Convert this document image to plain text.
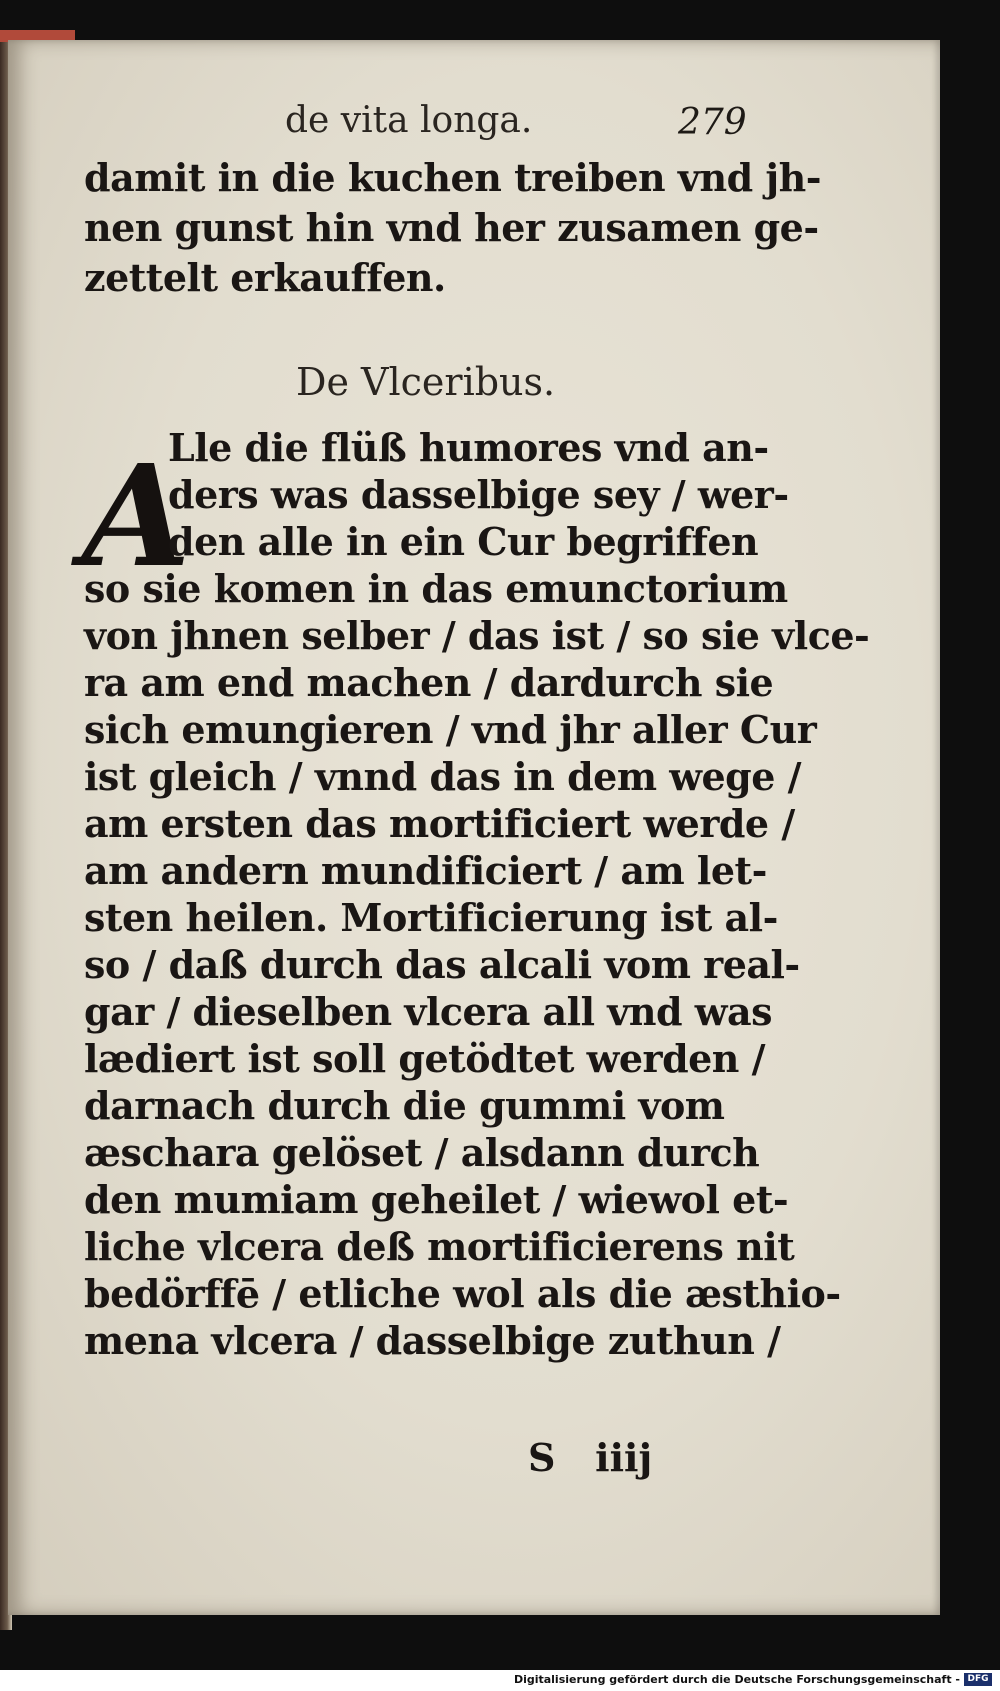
de vita longa.	279
damit in die kuchen treiben vnd jh-
nen gunst hin vnd her zusamen ge-
zettelt erkauffen.
De Vlceribus.
A
Lle die flüß humores vnd an-
ders was dasselbige sey / wer-
den alle in ein Cur begriffen
so sie komen in das emunctorium
von jhnen selber / das ist / so sie vlce-
ra am end machen / dardurch sie
sich emungieren / vnd jhr aller Cur
ist gleich / vnnd das in dem wege /
am ersten das mortificiert werde /
am andern mundificiert / am let-
sten heilen. Mortificierung ist al-
so / daß durch das alcali vom real-
gar / dieselben vlcera all vnd was
lædiert ist soll getödtet werden /
darnach durch die gummi vom
æschara gelöset / alsdann durch
den mumiam geheilet / wiewol et-
liche vlcera deß mortificierens nit
bedörffē / etliche wol als die æsthio-
mena vlcera / dasselbige zuthun /
S   iiij
Digitalisierung gefördert durch die Deutsche Forschungsgemeinschaft - DFG
